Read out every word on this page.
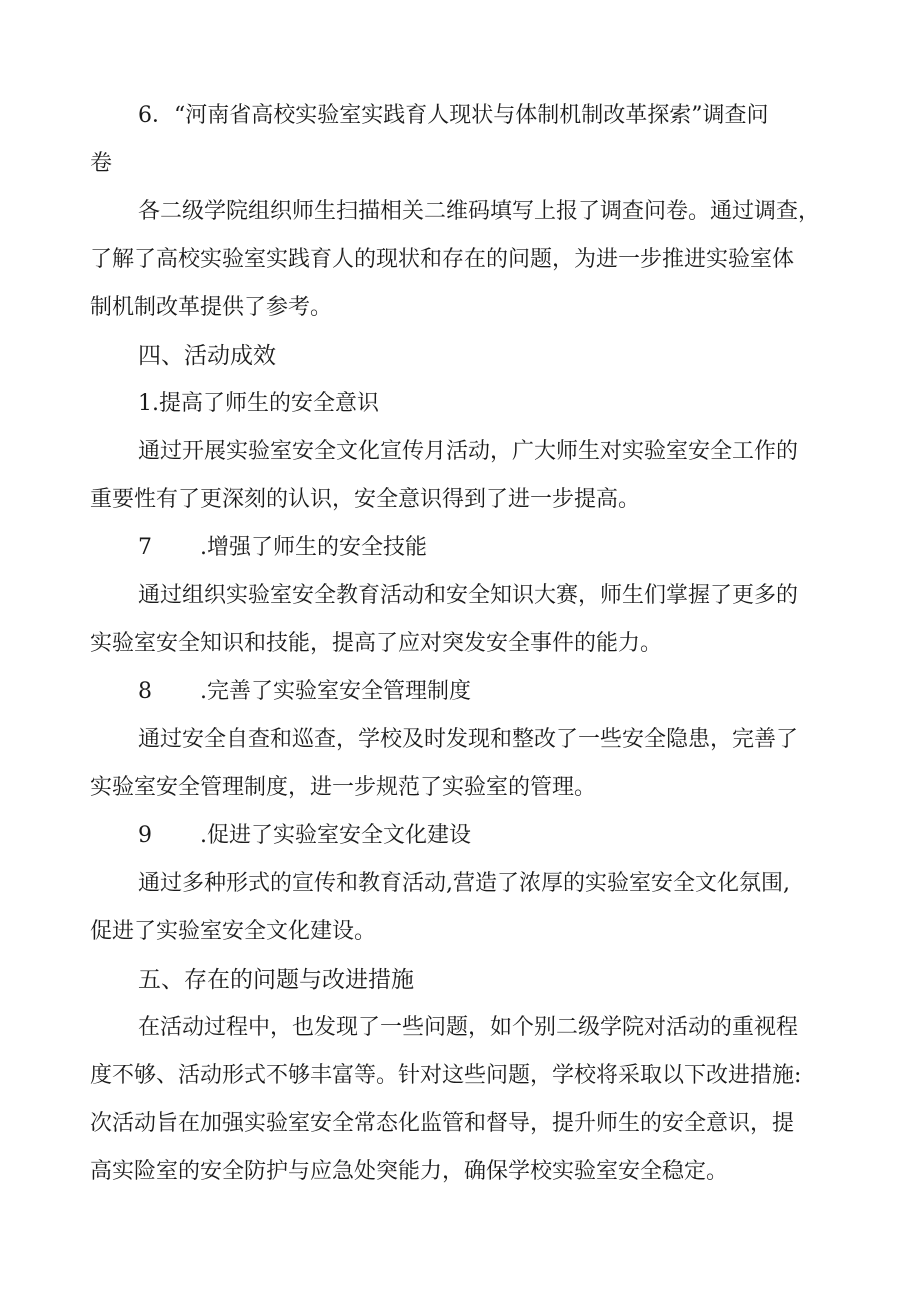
6．“河南省高校实验室实践育人现状与体制机制改革探索”调查问
卷
各二级学院组织师生扫描相关二维码填写上报了调查问卷。通过调查，
了解了高校实验室实践育人的现状和存在的问题，为进一步推进实验室体
制机制改革提供了参考。
四、活动成效
1.提高了师生的安全意识
通过开展实验室安全文化宣传月活动，广大师生对实验室安全工作的
重要性有了更深刻的认识，安全意识得到了进一步提高。
7 .增强了师生的安全技能
通过组织实验室安全教育活动和安全知识大赛，师生们掌握了更多的
实验室安全知识和技能，提高了应对突发安全事件的能力。
8 .完善了实验室安全管理制度
通过安全自查和巡查，学校及时发现和整改了一些安全隐患，完善了
实验室安全管理制度，进一步规范了实验室的管理。
9 .促进了实验室安全文化建设
通过多种形式的宣传和教育活动,营造了浓厚的实验室安全文化氛围,
促进了实验室安全文化建设。
五、存在的问题与改进措施
在活动过程中，也发现了一些问题，如个别二级学院对活动的重视程
度不够、活动形式不够丰富等。针对这些问题，学校将采取以下改进措施:
次活动旨在加强实验室安全常态化监管和督导，提升师生的安全意识，提
高实险室的安全防护与应急处突能力，确保学校实验室安全稳定。
